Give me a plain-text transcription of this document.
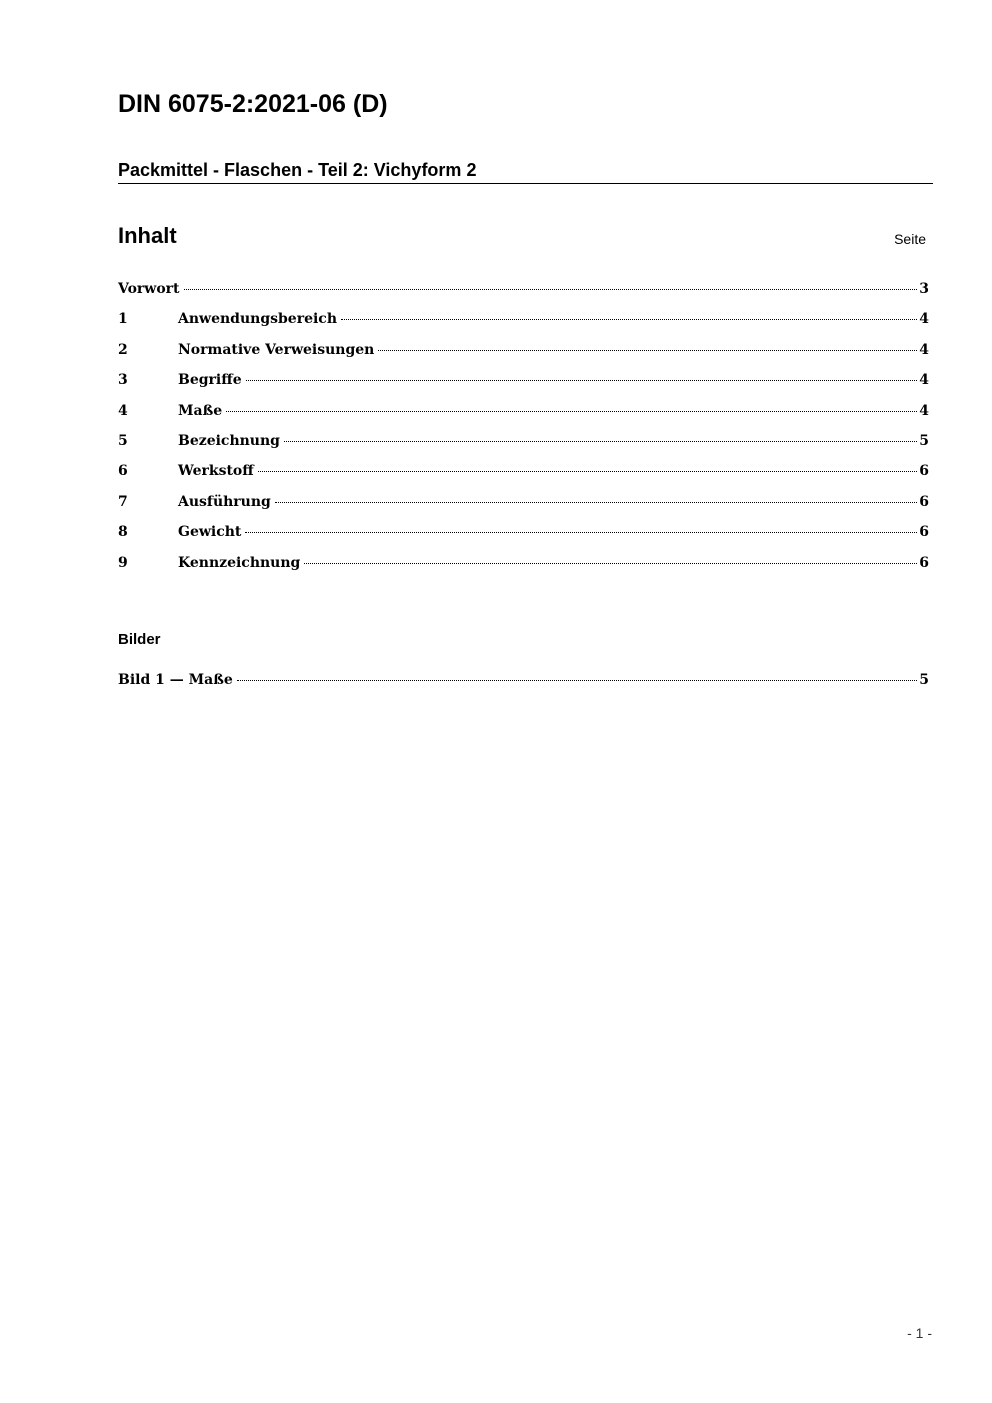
DIN 6075-2:2021-06 (D)
Packmittel - Flaschen - Teil 2: Vichyform 2
Inhalt	Seite
Vorwort	3
1	Anwendungsbereich	4
2	Normative Verweisungen	4
3	Begriffe	4
4	Maße	4
5	Bezeichnung	5
6	Werkstoff	6
7	Ausführung	6
8	Gewicht	6
9	Kennzeichnung	6
Bilder
Bild 1 — Maße	5
- 1 -
